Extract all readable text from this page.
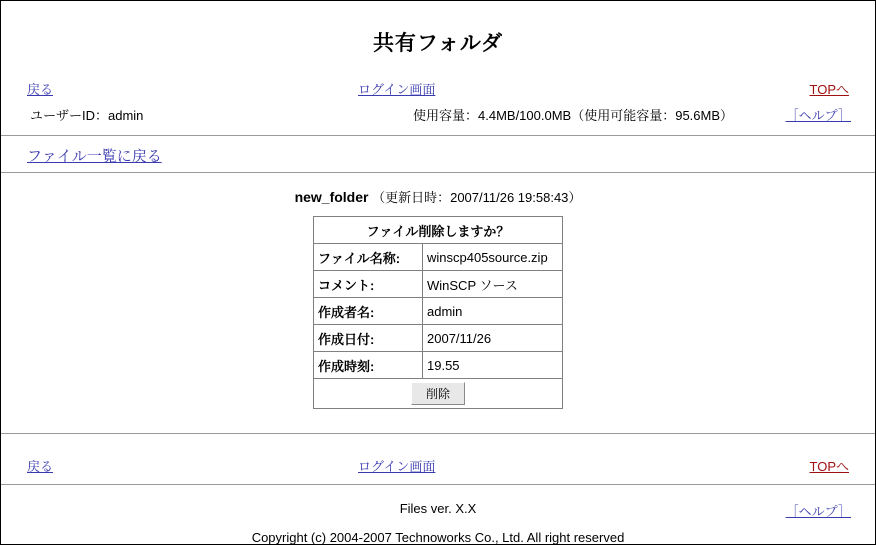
共有フォルダ
戻る	ログイン画面	TOPへ
ユーザーID：admin	使用容量：4.4MB/100.0MB（使用可能容量：95.6MB）	［ヘルプ］
ファイル一覧に戻る
new_folder （更新日時：2007/11/26 19:58:43）
ファイル削除しますか？	
ファイル名称:	winscp405source.zip
コメント:	WinSCP ソース
作成者名:	admin
作成日付:	2007/11/26
作成時刻:	19.55
削除	
戻る	ログイン画面	TOPへ
Files ver. X.X	［ヘルプ］
Copyright (c) 2004-2007 Technoworks Co., Ltd. All right reserved
